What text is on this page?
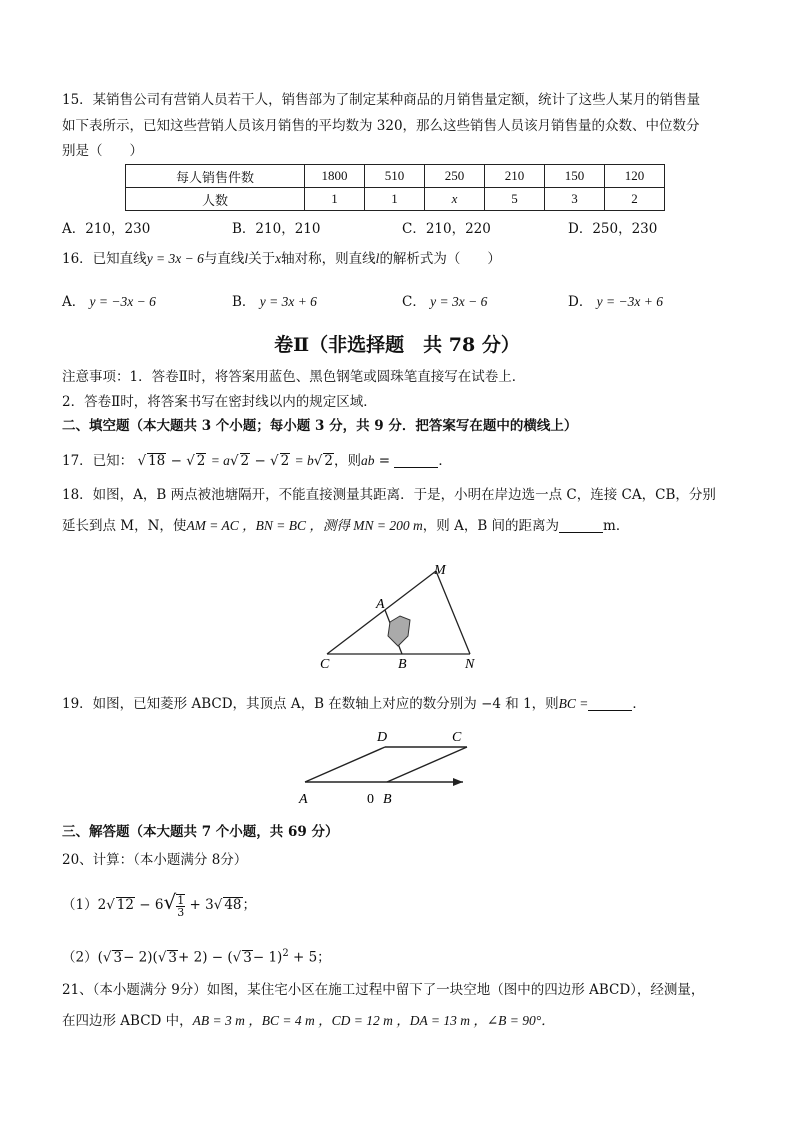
15．某销售公司有营销人员若干人，销售部为了制定某种商品的月销售量定额，统计了这些人某月的销售量
如下表所示，已知这些营销人员该月销售的平均数为 320，那么这些销售人员该月销售量的众数、中位数分
别是（　　）
每人销售件数	1800	510	250	210	150	120
人数	1	1	x	5	3	2
A．210，230	B．210，210	C．210，220	D．250，230
16．已知直线y = 3x − 6与直线l关于x轴对称，则直线l的解析式为（　　）
A． y = −3x − 6	B． y = 3x + 6	C． y = 3x − 6	D． y = −3x + 6
卷Ⅱ（非选择题　共 78 分）
注意事项：1．答卷Ⅱ时，将答案用蓝色、黑色钢笔或圆珠笔直接写在试卷上．
2．答卷Ⅱ时，将答案书写在密封线以内的规定区域．
二、填空题（本大题共 3 个小题；每小题 3 分，共 9 分．把答案写在题中的横线上）
17．已知： √ 18 − √ 2 = a√ 2 − √ 2 = b√ 2，则ab =	．
18．如图，A，B 两点被池塘隔开，不能直接测量其距离．于是，小明在岸边选一点 C，连接 CA，CB，分别
延长到点 M，N，使AM = AC ，BN = BC ，测得 MN = 200 m，则 A，B 间的距离为	m．
M
A
C	B	N
19．如图，已知菱形 ABCD，其顶点 A，B 在数轴上对应的数分别为 −4 和 1，则BC =	．
A	0 B
C
D
三、解答题（本大题共 7 个小题，共 69 分）
20、计算：（本小题满分 8分）
（1）2√ $12 - 6√ \frac{1}{3} + 3√$ 48；
（2）(√ 3− 2)(√ 3+ 2) − (√ 3− 1)$^2$ + 5；
21、（本小题满分 9分）如图，某住宅小区在施工过程中留下了一块空地（图中的四边形 ABCD），经测量，
在四边形 ABCD 中，AB = 3 m ，BC = 4 m ，CD = 12 m ，DA = 13 m ，∠B = 90°．
